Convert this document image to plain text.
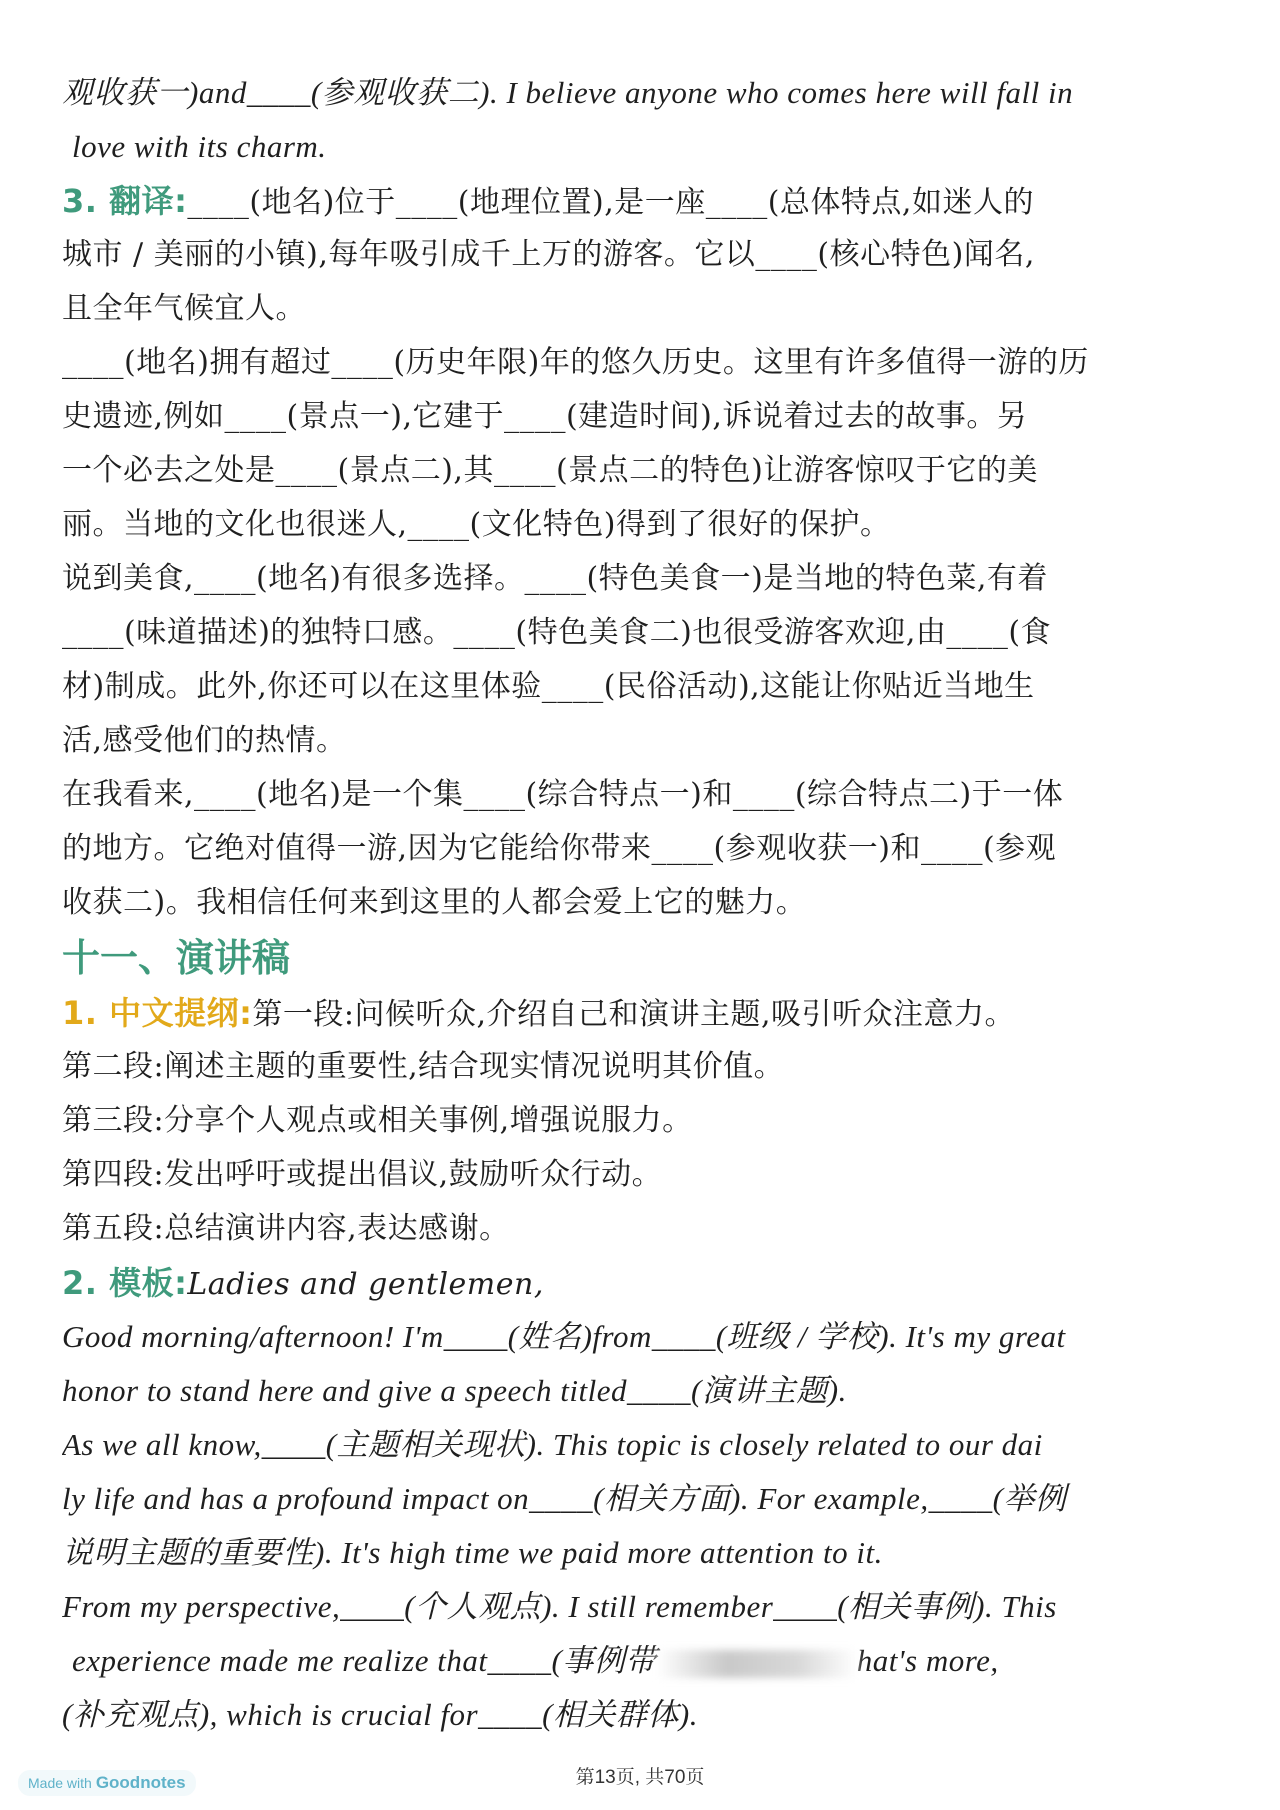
观收获一)and____(参观收获二). I believe anyone who comes here will fall in
love with its charm.
3. 翻译:____(地名)位于____(地理位置),是一座____(总体特点,如迷人的
城市 / 美丽的小镇),每年吸引成千上万的游客。它以____(核心特色)闻名,
且全年气候宜人。
____(地名)拥有超过____(历史年限)年的悠久历史。这里有许多值得一游的历
史遗迹,例如____(景点一),它建于____(建造时间),诉说着过去的故事。另
一个必去之处是____(景点二),其____(景点二的特色)让游客惊叹于它的美
丽。当地的文化也很迷人,____(文化特色)得到了很好的保护。
说到美食,____(地名)有很多选择。____(特色美食一)是当地的特色菜,有着
____(味道描述)的独特口感。____(特色美食二)也很受游客欢迎,由____(食
材)制成。此外,你还可以在这里体验____(民俗活动),这能让你贴近当地生
活,感受他们的热情。
在我看来,____(地名)是一个集____(综合特点一)和____(综合特点二)于一体
的地方。它绝对值得一游,因为它能给你带来____(参观收获一)和____(参观
收获二)。我相信任何来到这里的人都会爱上它的魅力。
十一、演讲稿
1. 中文提纲:第一段:问候听众,介绍自己和演讲主题,吸引听众注意力。
第二段:阐述主题的重要性,结合现实情况说明其价值。
第三段:分享个人观点或相关事例,增强说服力。
第四段:发出呼吁或提出倡议,鼓励听众行动。
第五段:总结演讲内容,表达感谢。
2. 模板:Ladies and gentlemen,
Good morning/afternoon! I'm____(姓名)from____(班级 / 学校). It's my great
honor to stand here and give a speech titled____(演讲主题).
As we all know,____(主题相关现状). This topic is closely related to our dai
ly life and has a profound impact on____(相关方面). For example,____(举例
说明主题的重要性). It's high time we paid more attention to it.
From my perspective,____(个人观点). I still remember____(相关事例). This
experience made me realize that____(事例带	hat's more,
(补充观点), which is crucial for____(相关群体).
Made with Goodnotes	第13页, 共70页
